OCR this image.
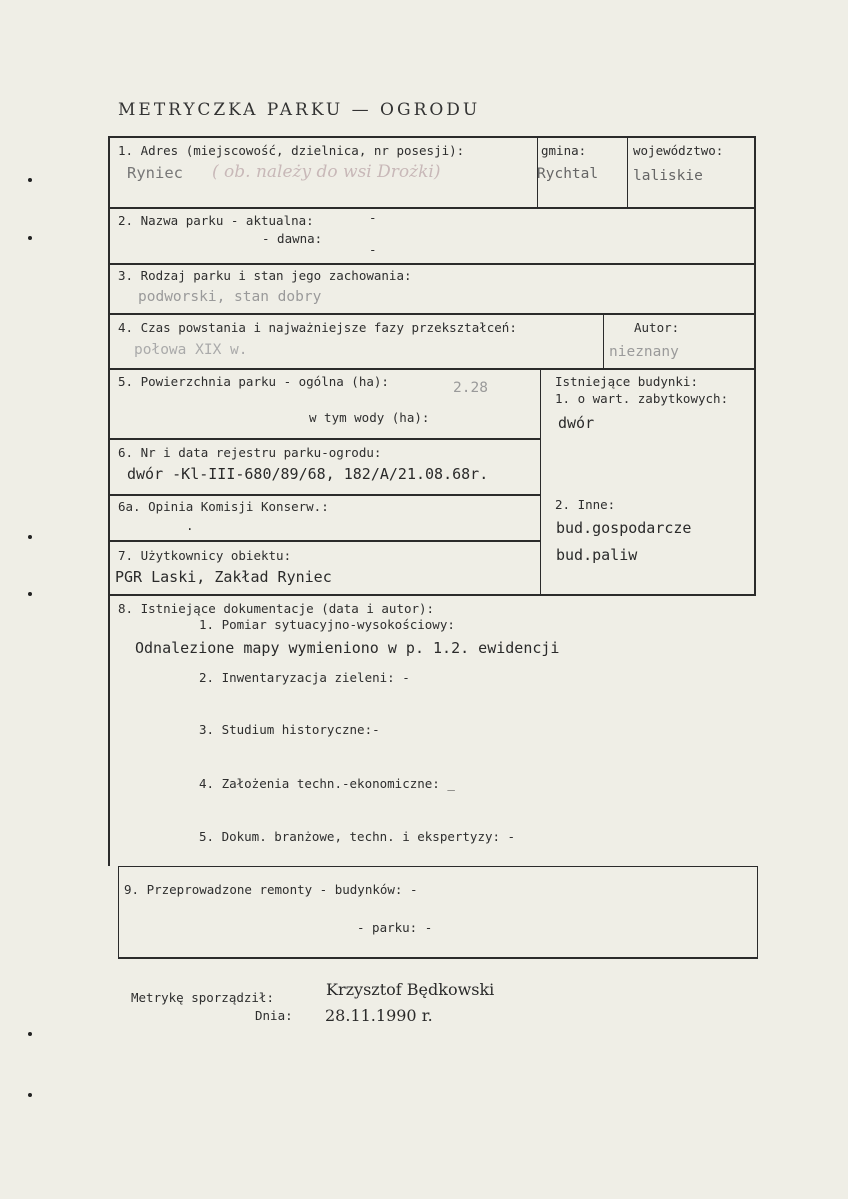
METRYCZKA PARKU — OGRODU
1. Adres (miejscowość, dzielnica, nr posesji):
Ryniec ( ob. należy do wsi Drożki)
gmina:
Rychtal
województwo:
laliskie
2. Nazwa parku - aktualna:	-
- dawna:
-
3. Rodzaj parku i stan jego zachowania:
podworski, stan dobry
4. Czas powstania i najważniejsze fazy przekształceń:
połowa XIX w.
Autor:
nieznany
5. Powierzchnia parku - ogólna (ha):	2.28
w tym wody (ha):
Istniejące budynki:
1. o wart. zabytkowych:
dwór
2. Inne:
bud.gospodarcze
bud.paliw
6. Nr i data rejestru parku-ogrodu:
dwór -Kl-III-680/89/68, 182/A/21.08.68r.
6a. Opinia Komisji Konserw.:
.
7. Użytkownicy obiektu:
PGR Laski, Zakład Ryniec
8. Istniejące dokumentacje (data i autor):
1. Pomiar sytuacyjno-wysokościowy:
Odnalezione mapy wymieniono w p. 1.2. ewidencji
2. Inwentaryzacja zieleni: -
3. Studium historyczne:-
4. Założenia techn.-ekonomiczne: _
5. Dokum. branżowe, techn. i ekspertyzy: -
9. Przeprowadzone remonty - budynków: -
- parku: -
Metrykę sporządził:	Krzysztof Będkowski
Dnia: 28.11.1990 r.
